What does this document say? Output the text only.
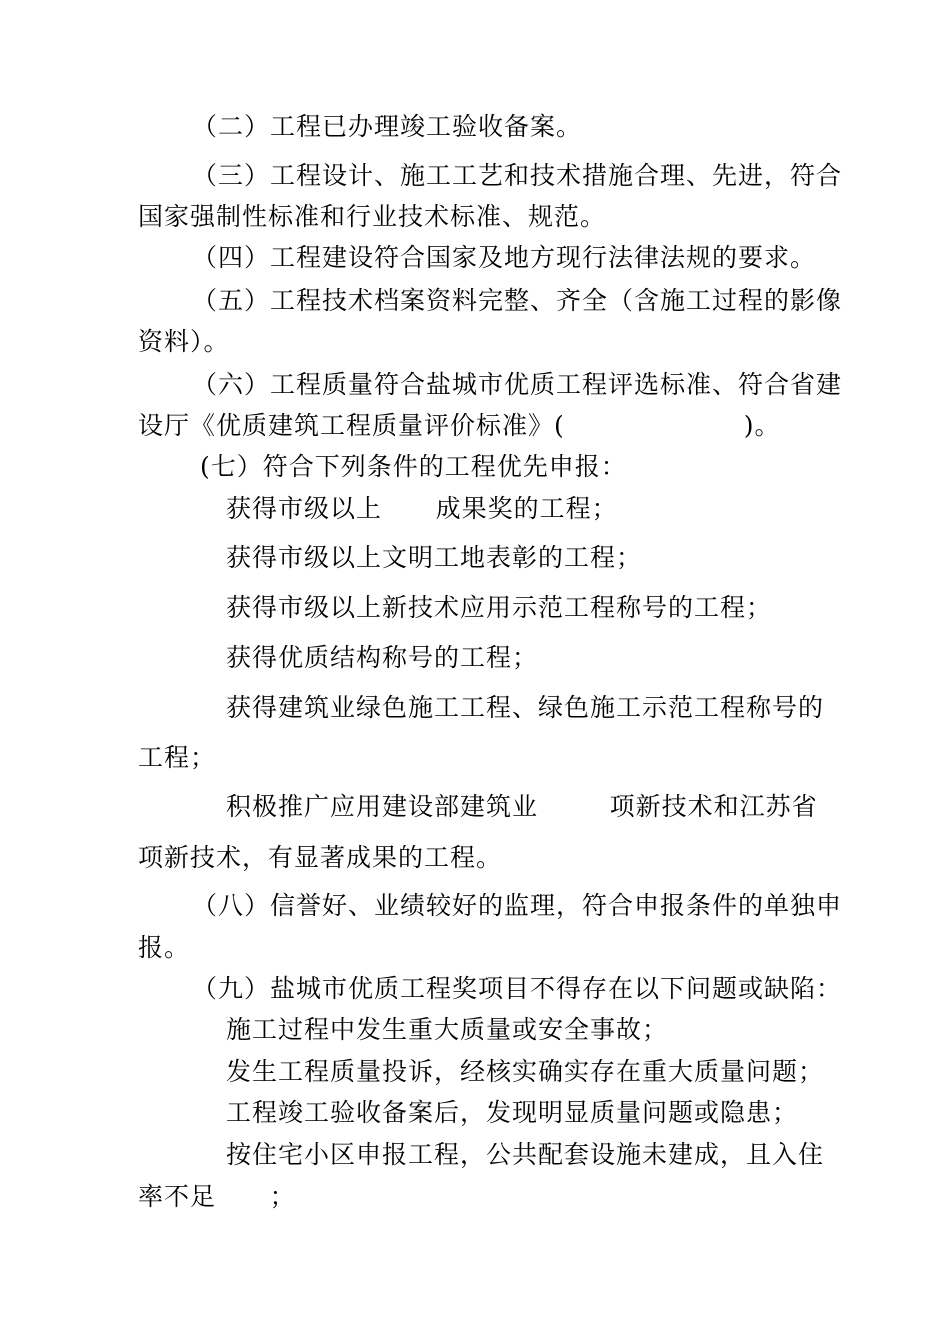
（二）工程已办理竣工验收备案。
（三）工程设计、施工工艺和技术措施合理、先进，符合
国家强制性标准和行业技术标准、规范。
（四）工程建设符合国家及地方现行法律法规的要求。
（五）工程技术档案资料完整、齐全（含施工过程的影像
资料）。
（六）工程质量符合盐城市优质工程评选标准、符合省建
设厅《优质建筑工程质量评价标准》(                    )。
(七）符合下列条件的工程优先申报：
获得市级以上      成果奖的工程；
获得市级以上文明工地表彰的工程；
获得市级以上新技术应用示范工程称号的工程；
获得优质结构称号的工程；
获得建筑业绿色施工工程、绿色施工示范工程称号的
工程；
积极推广应用建设部建筑业        项新技术和江苏省
项新技术，有显著成果的工程。
（八）信誉好、业绩较好的监理，符合申报条件的单独申
报。
（九）盐城市优质工程奖项目不得存在以下问题或缺陷：
施工过程中发生重大质量或安全事故；
发生工程质量投诉，经核实确实存在重大质量问题；
工程竣工验收备案后，发现明显质量问题或隐患；
按住宅小区申报工程，公共配套设施未建成，且入住
率不足      ；
